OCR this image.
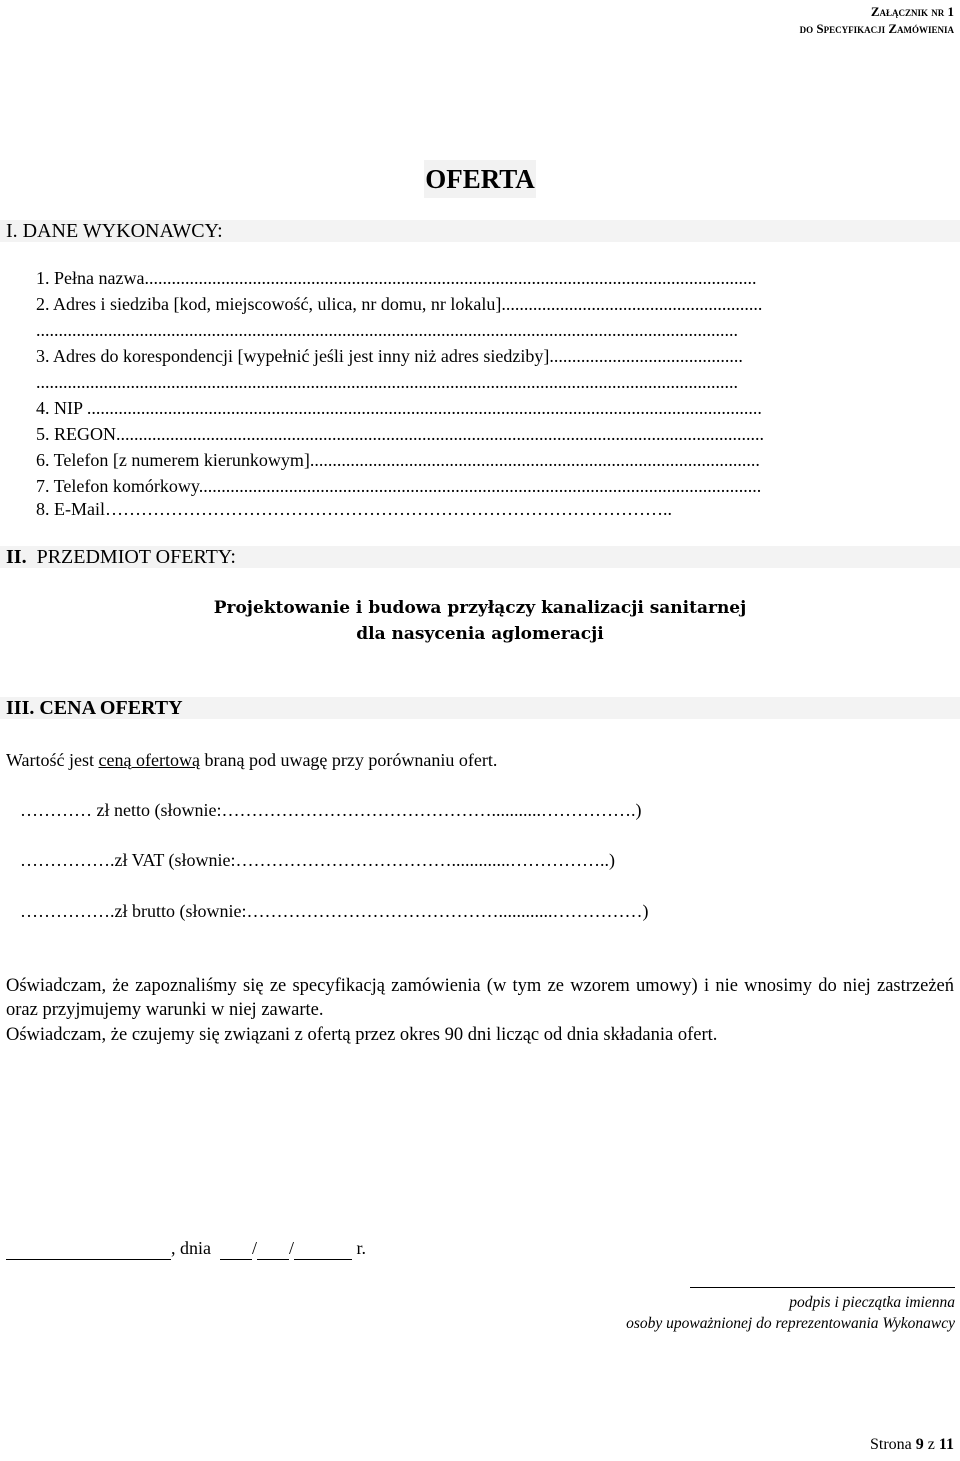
Załącznik nr 1
do Specyfikacji Zamówienia
OFERTA
I. DANE WYKONAWCY:
1. Pełna nazwa........................................................................................................................................
2. Adres i siedziba [kod, miejscowość, ulica, nr domu, nr lokalu]..........................................................
............................................................................................................................................................
3. Adres do korespondencji [wypełnić jeśli jest inny niż adres siedziby]...........................................
............................................................................................................................................................
4. NIP ......................................................................................................................................................
5. REGON................................................................................................................................................
6. Telefon [z numerem kierunkowym]....................................................................................................
7. Telefon komórkowy.............................................................................................................................
8. E-Mail…………………………………………………………………………………..
II. PRZEDMIOT OFERTY:
Projektowanie i budowa przyłączy kanalizacji sanitarnej
dla nasycenia aglomeracji
III. CENA OFERTY
Wartość jest ceną ofertową braną pod uwagę przy porównaniu ofert.
………… zł netto (słownie:………………………………………...........…………….)
…………….zł VAT (słownie:……………………………….............……………..)
…………….zł brutto (słownie:……………………………………............……………)
Oświadczam, że zapoznaliśmy się ze specyfikacją zamówienia (w tym ze wzorem umowy) i nie wnosimy do niej zastrzeżeń oraz przyjmujemy warunki w niej zawarte.
Oświadczam, że czujemy się związani z ofertą przez okres 90 dni licząc od dnia składania ofert.
, dnia / /	r.
podpis i pieczątka imienna
osoby upoważnionej do reprezentowania Wykonawcy
Strona 9 z 11
